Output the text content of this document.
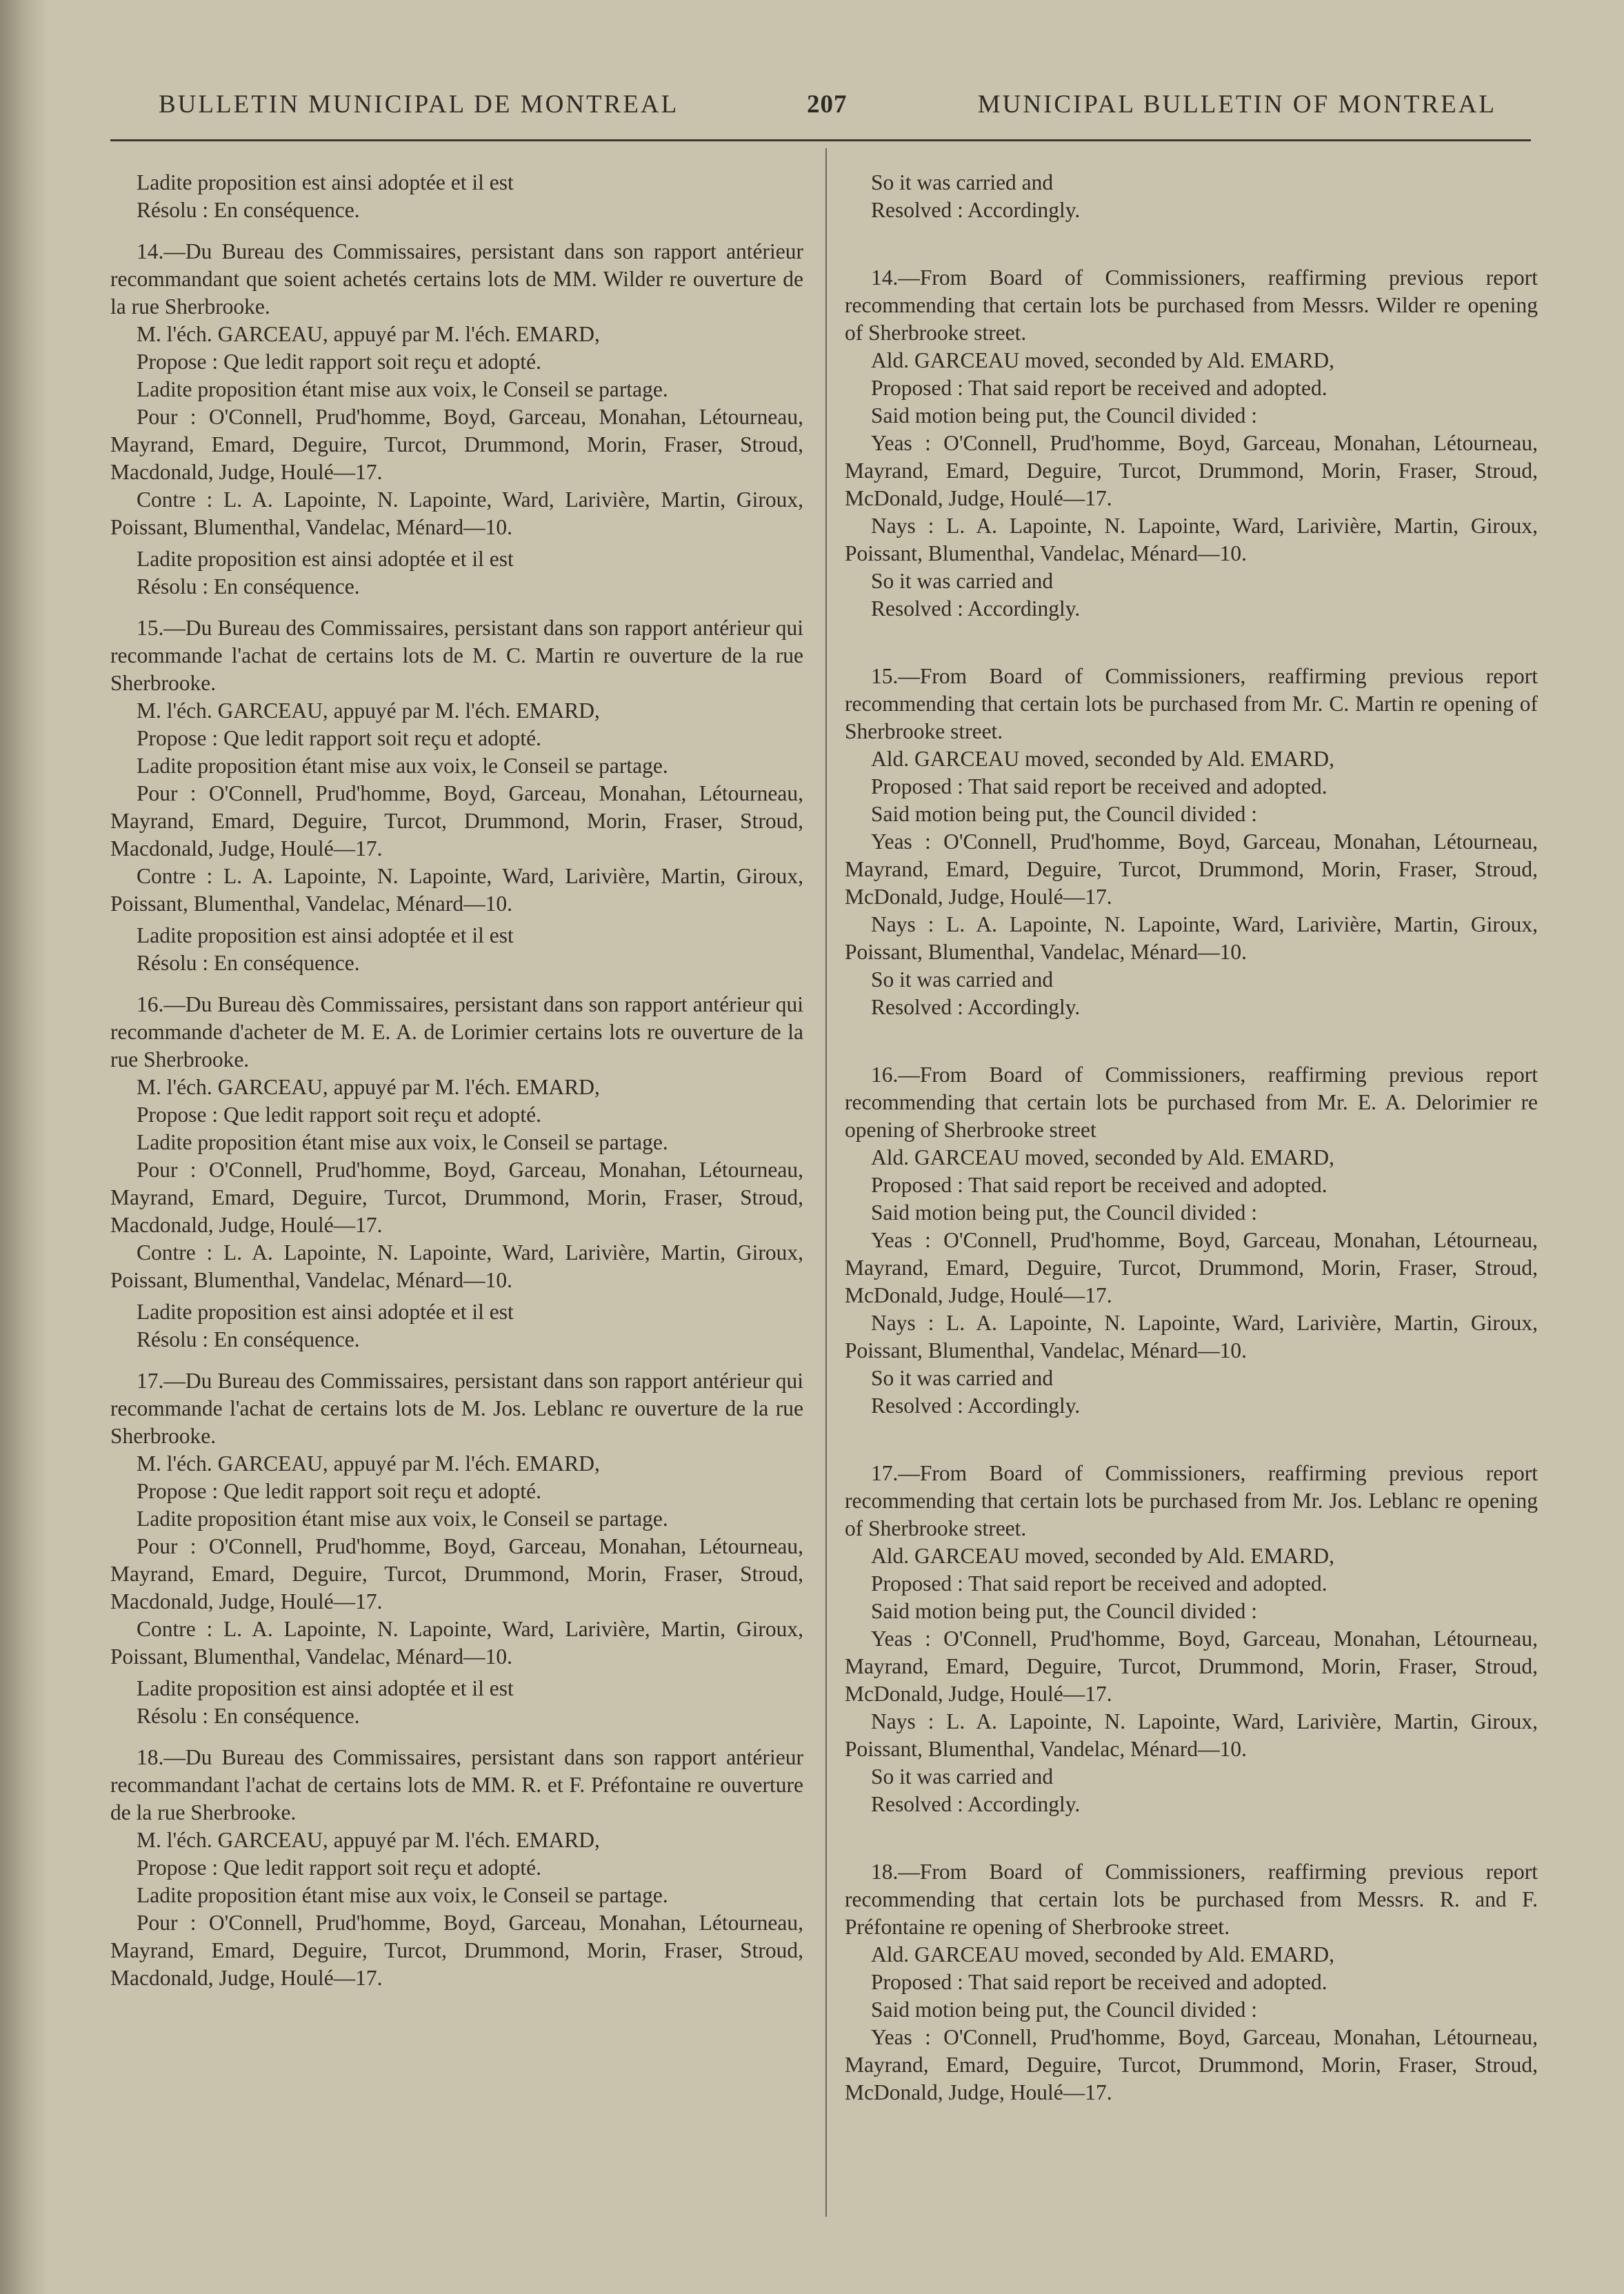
BULLETIN MUNICIPAL DE MONTREAL	207	MUNICIPAL BULLETIN OF MONTREAL

Ladite proposition est ainsi adoptée et il est

Résolu : En conséquence.

14.—Du Bureau des Commissaires, persistant dans son rapport antérieur recommandant que soient achetés certains lots de MM. Wilder re ouverture de la rue Sherbrooke.

M. l'éch. GARCEAU, appuyé par M. l'éch. EMARD,

Propose : Que ledit rapport soit reçu et adopté.

Ladite proposition étant mise aux voix, le Conseil se partage.

Pour : O'Connell, Prud'homme, Boyd, Garceau, Monahan, Létourneau, Mayrand, Emard, Deguire, Turcot, Drummond, Morin, Fraser, Stroud, Macdonald, Judge, Houlé—17.

Contre : L. A. Lapointe, N. Lapointe, Ward, Larivière, Martin, Giroux, Poissant, Blumenthal, Vandelac, Ménard—10.

Ladite proposition est ainsi adoptée et il est

Résolu : En conséquence.

15.—Du Bureau des Commissaires, persistant dans son rapport antérieur qui recommande l'achat de certains lots de M. C. Martin re ouverture de la rue Sherbrooke.

M. l'éch. GARCEAU, appuyé par M. l'éch. EMARD,

Propose : Que ledit rapport soit reçu et adopté.

Ladite proposition étant mise aux voix, le Conseil se partage.

Pour : O'Connell, Prud'homme, Boyd, Garceau, Monahan, Létourneau, Mayrand, Emard, Deguire, Turcot, Drummond, Morin, Fraser, Stroud, Macdonald, Judge, Houlé—17.

Contre : L. A. Lapointe, N. Lapointe, Ward, Larivière, Martin, Giroux, Poissant, Blumenthal, Vandelac, Ménard—10.

Ladite proposition est ainsi adoptée et il est

Résolu : En conséquence.

16.—Du Bureau dès Commissaires, persistant dans son rapport antérieur qui recommande d'acheter de M. E. A. de Lorimier certains lots re ouverture de la rue Sherbrooke.

M. l'éch. GARCEAU, appuyé par M. l'éch. EMARD,

Propose : Que ledit rapport soit reçu et adopté.

Ladite proposition étant mise aux voix, le Conseil se partage.

Pour : O'Connell, Prud'homme, Boyd, Garceau, Monahan, Létourneau, Mayrand, Emard, Deguire, Turcot, Drummond, Morin, Fraser, Stroud, Macdonald, Judge, Houlé—17.

Contre : L. A. Lapointe, N. Lapointe, Ward, Larivière, Martin, Giroux, Poissant, Blumenthal, Vandelac, Ménard—10.

Ladite proposition est ainsi adoptée et il est

Résolu : En conséquence.

17.—Du Bureau des Commissaires, persistant dans son rapport antérieur qui recommande l'achat de certains lots de M. Jos. Leblanc re ouverture de la rue Sherbrooke.

M. l'éch. GARCEAU, appuyé par M. l'éch. EMARD,

Propose : Que ledit rapport soit reçu et adopté.

Ladite proposition étant mise aux voix, le Conseil se partage.

Pour : O'Connell, Prud'homme, Boyd, Garceau, Monahan, Létourneau, Mayrand, Emard, Deguire, Turcot, Drummond, Morin, Fraser, Stroud, Macdonald, Judge, Houlé—17.

Contre : L. A. Lapointe, N. Lapointe, Ward, Larivière, Martin, Giroux, Poissant, Blumenthal, Vandelac, Ménard—10.

Ladite proposition est ainsi adoptée et il est

Résolu : En conséquence.

18.—Du Bureau des Commissaires, persistant dans son rapport antérieur recommandant l'achat de certains lots de MM. R. et F. Préfontaine re ouverture de la rue Sherbrooke.

M. l'éch. GARCEAU, appuyé par M. l'éch. EMARD,

Propose : Que ledit rapport soit reçu et adopté.

Ladite proposition étant mise aux voix, le Conseil se partage.

Pour : O'Connell, Prud'homme, Boyd, Garceau, Monahan, Létourneau, Mayrand, Emard, Deguire, Turcot, Drummond, Morin, Fraser, Stroud, Macdonald, Judge, Houlé—17.

So it was carried and

Resolved : Accordingly.

14.—From Board of Commissioners, reaffirming previous report recommending that certain lots be purchased from Messrs. Wilder re opening of Sherbrooke street.

Ald. GARCEAU moved, seconded by Ald. EMARD,

Proposed : That said report be received and adopted.

Said motion being put, the Council divided :

Yeas : O'Connell, Prud'homme, Boyd, Garceau, Monahan, Létourneau, Mayrand, Emard, Deguire, Turcot, Drummond, Morin, Fraser, Stroud, McDonald, Judge, Houlé—17.

Nays : L. A. Lapointe, N. Lapointe, Ward, Larivière, Martin, Giroux, Poissant, Blumenthal, Vandelac, Ménard—10.

So it was carried and

Resolved : Accordingly.

15.—From Board of Commissioners, reaffirming previous report recommending that certain lots be purchased from Mr. C. Martin re opening of Sherbrooke street.

Ald. GARCEAU moved, seconded by Ald. EMARD,

Proposed : That said report be received and adopted.

Said motion being put, the Council divided :

Yeas : O'Connell, Prud'homme, Boyd, Garceau, Monahan, Létourneau, Mayrand, Emard, Deguire, Turcot, Drummond, Morin, Fraser, Stroud, McDonald, Judge, Houlé—17.

Nays : L. A. Lapointe, N. Lapointe, Ward, Larivière, Martin, Giroux, Poissant, Blumenthal, Vandelac, Ménard—10.

So it was carried and

Resolved : Accordingly.

16.—From Board of Commissioners, reaffirming previous report recommending that certain lots be purchased from Mr. E. A. Delorimier re opening of Sherbrooke street

Ald. GARCEAU moved, seconded by Ald. EMARD,

Proposed : That said report be received and adopted.

Said motion being put, the Council divided :

Yeas : O'Connell, Prud'homme, Boyd, Garceau, Monahan, Létourneau, Mayrand, Emard, Deguire, Turcot, Drummond, Morin, Fraser, Stroud, McDonald, Judge, Houlé—17.

Nays : L. A. Lapointe, N. Lapointe, Ward, Larivière, Martin, Giroux, Poissant, Blumenthal, Vandelac, Ménard—10.

So it was carried and

Resolved : Accordingly.

17.—From Board of Commissioners, reaffirming previous report recommending that certain lots be purchased from Mr. Jos. Leblanc re opening of Sherbrooke street.

Ald. GARCEAU moved, seconded by Ald. EMARD,

Proposed : That said report be received and adopted.

Said motion being put, the Council divided :

Yeas : O'Connell, Prud'homme, Boyd, Garceau, Monahan, Létourneau, Mayrand, Emard, Deguire, Turcot, Drummond, Morin, Fraser, Stroud, McDonald, Judge, Houlé—17.

Nays : L. A. Lapointe, N. Lapointe, Ward, Larivière, Martin, Giroux, Poissant, Blumenthal, Vandelac, Ménard—10.

So it was carried and

Resolved : Accordingly.

18.—From Board of Commissioners, reaffirming previous report recommending that certain lots be purchased from Messrs. R. and F. Préfontaine re opening of Sherbrooke street.

Ald. GARCEAU moved, seconded by Ald. EMARD,

Proposed : That said report be received and adopted.

Said motion being put, the Council divided :

Yeas : O'Connell, Prud'homme, Boyd, Garceau, Monahan, Létourneau, Mayrand, Emard, Deguire, Turcot, Drummond, Morin, Fraser, Stroud, McDonald, Judge, Houlé—17.
